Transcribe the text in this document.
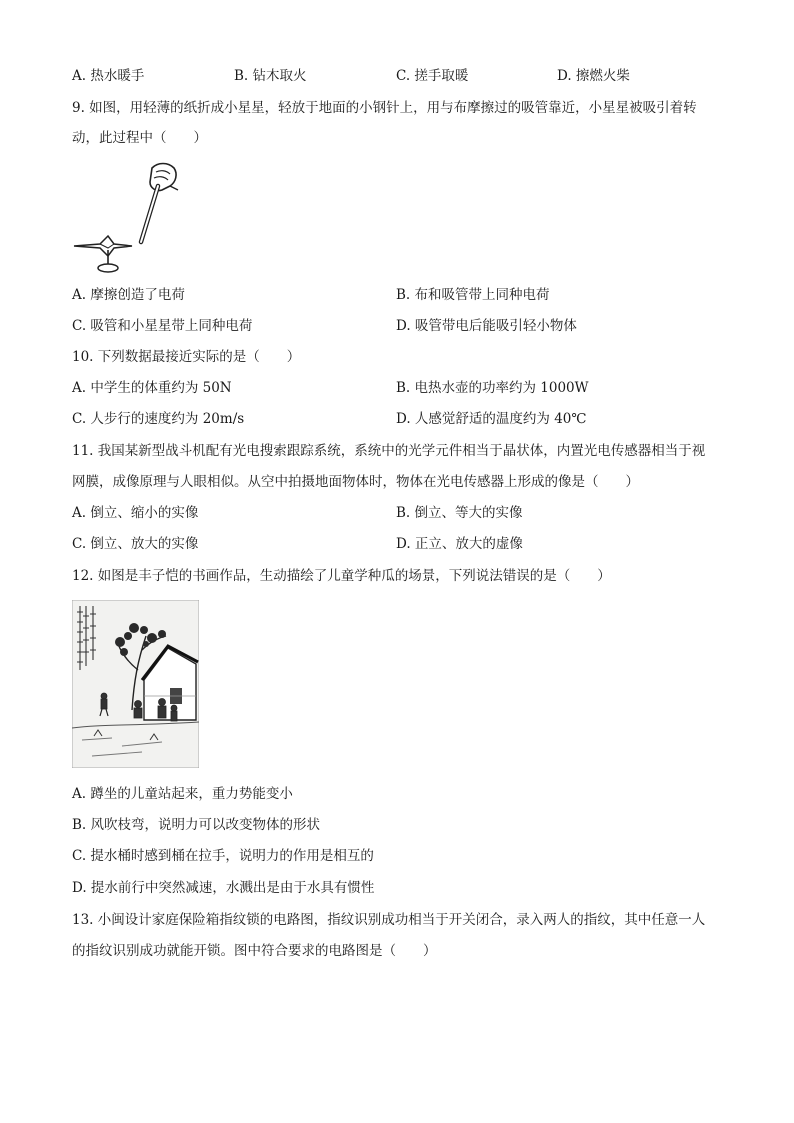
A. 热水暖手	B. 钻木取火	C. 搓手取暖	D. 擦燃火柴
9. 如图，用轻薄的纸折成小星星，轻放于地面的小钢针上，用与布摩擦过的吸管靠近，小星星被吸引着转
动，此过程中（　　）
A. 摩擦创造了电荷	B. 布和吸管带上同种电荷
C. 吸管和小星星带上同种电荷	D. 吸管带电后能吸引轻小物体
10. 下列数据最接近实际的是（　　）
A. 中学生的体重约为 50N	B. 电热水壶的功率约为 1000W
C. 人步行的速度约为 20m/s	D. 人感觉舒适的温度约为 40℃
11. 我国某新型战斗机配有光电搜索跟踪系统，系统中的光学元件相当于晶状体，内置光电传感器相当于视
网膜，成像原理与人眼相似。从空中拍摄地面物体时，物体在光电传感器上形成的像是（　　）
A. 倒立、缩小的实像	B. 倒立、等大的实像
C. 倒立、放大的实像	D. 正立、放大的虚像
12. 如图是丰子恺的书画作品，生动描绘了儿童学种瓜的场景，下列说法错误的是（　　）
A. 蹲坐的儿童站起来，重力势能变小
B. 风吹枝弯，说明力可以改变物体的形状
C. 提水桶时感到桶在拉手，说明力的作用是相互的
D. 提水前行中突然减速，水溅出是由于水具有惯性
13. 小闽设计家庭保险箱指纹锁的电路图，指纹识别成功相当于开关闭合，录入两人的指纹，其中任意一人
的指纹识别成功就能开锁。图中符合要求的电路图是（　　）
